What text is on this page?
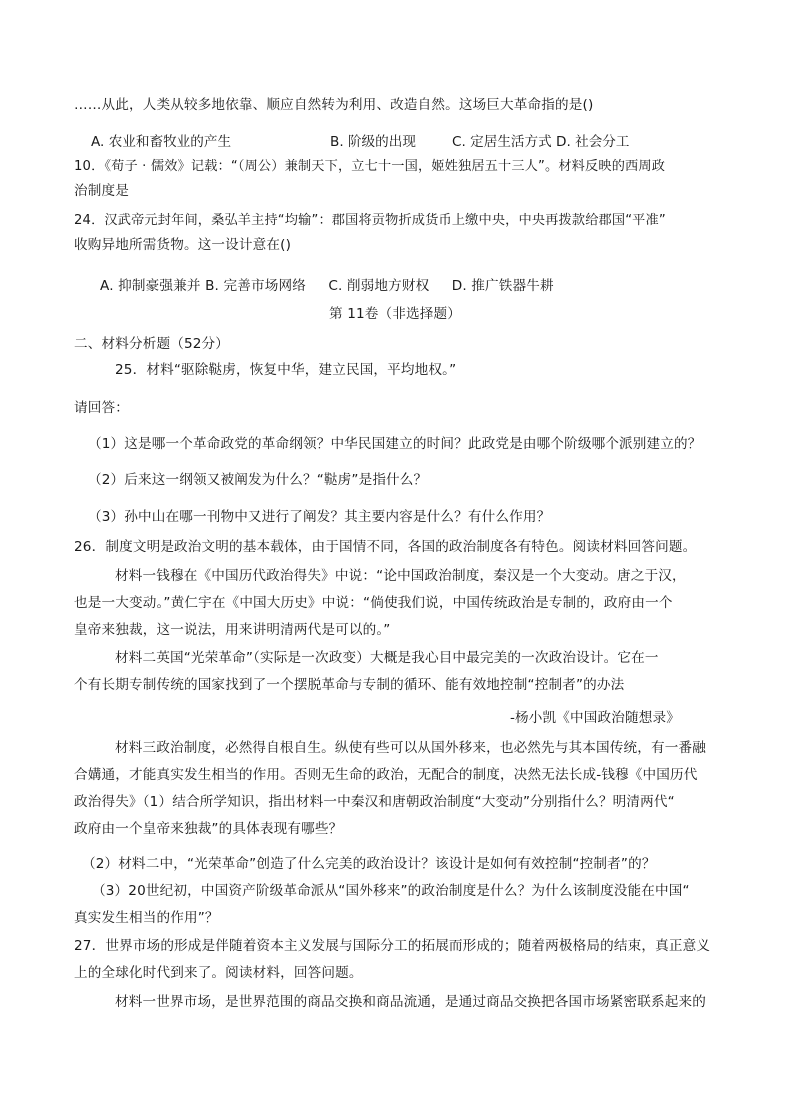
……从此，人类从较多地依靠、顺应自然转为利用、改造自然。这场巨大革命指的是()
A. 农业和畜牧业的产生	B. 阶级的出现	C. 定居生活方式 D. 社会分工
10．《荀子 · 儒效》记载：“（周公）兼制天下，立七十一国，姬姓独居五十三人”。材料反映的西周政
治制度是
24．汉武帝元封年间，桑弘羊主持“均输”：郡国将贡物折成货币上缴中央，中央再拨款给郡国“平准”
收购异地所需货物。这一设计意在()
A. 抑制豪强兼并 B. 完善市场网络     C. 削弱地方财权     D. 推广铁器牛耕
第 11卷（非选择题）
二、材料分析题（52分）
25．材料“驱除鞑虏，恢复中华，建立民国，平均地权。”
请回答：
（1）这是哪一个革命政党的革命纲领？中华民国建立的时间？此政党是由哪个阶级哪个派别建立的？
（2）后来这一纲领又被阐发为什么？“鞑虏”是指什么？
（3）孙中山在哪一刊物中又进行了阐发？其主要内容是什么？有什么作用？
26．制度文明是政治文明的基本载体，由于国情不同，各国的政治制度各有特色。阅读材料回答问题。
材料一钱穆在《中国历代政治得失》中说：“论中国政治制度，秦汉是一个大变动。唐之于汉，
也是一大变动。”黄仁宇在《中国大历史》中说：“倘使我们说，中国传统政治是专制的，政府由一个
皇帝来独裁，这一说法，用来讲明清两代是可以的。”
材料二英国“光荣革命”（实际是一次政变）大概是我心目中最完美的一次政治设计。它在一
个有长期专制传统的国家找到了一个摆脱革命与专制的循环、能有效地控制“控制者”的办法
-杨小凯《中国政治随想录》
材料三政治制度，必然得自根自生。纵使有些可以从国外移来，也必然先与其本国传统，有一番融
合媾通，才能真实发生相当的作用。否则无生命的政治，无配合的制度，决然无法长成-钱穆《中国历代
政治得失》（1）结合所学知识，指出材料一中秦汉和唐朝政治制度“大变动”分别指什么？明清两代“
政府由一个皇帝来独裁”的具体表现有哪些？
（2）材料二中，“光荣革命”创造了什么完美的政治设计？该设计是如何有效控制“控制者”的？
（3）20世纪初，中国资产阶级革命派从“国外移来”的政治制度是什么？为什么该制度没能在中国“
真实发生相当的作用”？
27．世界市场的形成是伴随着资本主义发展与国际分工的拓展而形成的；随着两极格局的结束，真正意义
上的全球化时代到来了。阅读材料，回答问题。
材料一世界市场，是世界范围的商品交换和商品流通，是通过商品交换把各国市场紧密联系起来的
